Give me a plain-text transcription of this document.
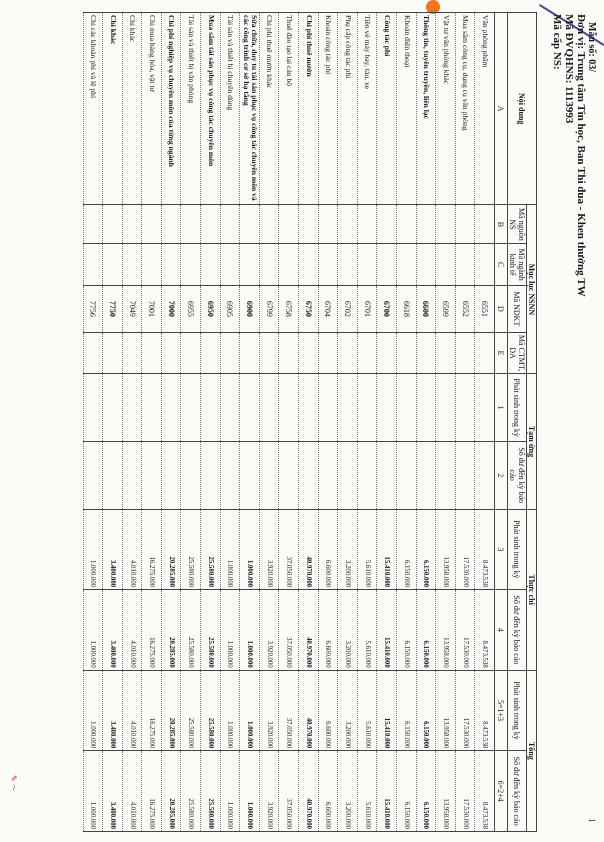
Mẫu số: 03/
Đơn vị: Trung tâm Tin học, Ban Thi đua - Khen thưởng TW
Mã ĐVQHNS: 1113993
Mã cấp NS:
1
Nội dung	Mục lục NSNN				Tạm ứng		Thực chi		Tổng	
	Mã nguồn NS	Mã ngành kinh tế	Mã NDKT	Mã CTMT, DA	Phát sinh trong kỳ	Số dư đến kỳ báo cáo	Phát sinh trong kỳ	Số dư đến kỳ báo cáo	Phát sinh trong kỳ	Số dư đến kỳ báo cáo

A	B	C	D	E	1	2	3	4	5=1+3	6=2+4
Văn phòng phẩm			6551				8.473.538	8.473.538	8.473.538	8.473.538
Mua sắm công cụ, dụng cụ văn phòng			6552				17.530.000	17.530.000	17.530.000	17.530.000
Vật tư văn phòng khác			6599				13.958.000	13.958.000	13.958.000	13.958.000
Thông tin, tuyên truyền, liên lạc			6600				6.150.000	6.150.000	6.150.000	6.150.000
Khoản điện thoại			6618				6.150.000	6.150.000	6.150.000	6.150.000
Công tác phí			6700				15.410.000	15.410.000	15.410.000	15.410.000
Tiền vé máy bay, tàu, xe			6701				5.610.000	5.610.000	5.610.000	5.610.000
Phụ cấp công tác phí			6702				3.200.000	3.200.000	3.200.000	3.200.000
Khoán công tác phí			6704				6.600.000	6.600.000	6.600.000	6.600.000
Chi phí thuê mướn			6750				40.970.000	40.970.000	40.970.000	40.970.000
Thuê đào tạo lại cán bộ			6758				37.050.000	37.050.000	37.050.000	37.050.000
Chi phí thuê mướn khác			6799				3.920.000	3.920.000	3.920.000	3.920.000
Sửa chữa, duy tu tài sản phục vụ công tác chuyên môn và các công trình cơ sở hạ tầng			6900				1.000.000	1.000.000	1.000.000	1.000.000
Tài sản và thiết bị chuyên dùng			6905				1.000.000	1.000.000	1.000.000	1.000.000
Mua sắm tài sản phục vụ công tác chuyên môn			6950				25.580.000	25.580.000	25.580.000	25.580.000
Tài sản và thiết bị văn phòng			6955				25.580.000	25.580.000	25.580.000	25.580.000
Chi phí nghiệp vụ chuyên môn của từng ngành			7000				20.285.000	20.285.000	20.285.000	20.285.000
Chi mua hàng hóa, vật tư			7001				16.275.000	16.275.000	16.275.000	16.275.000
Chi khác			7049				4.010.000	4.010.000	4.010.000	4.010.000
Chi khác			7750				3.400.000	3.400.000	3.400.000	3.400.000
Chi các khoản phí và lệ phí			7756				1.000.000	1.000.000	1.000.000	1.000.000
✎ ～
